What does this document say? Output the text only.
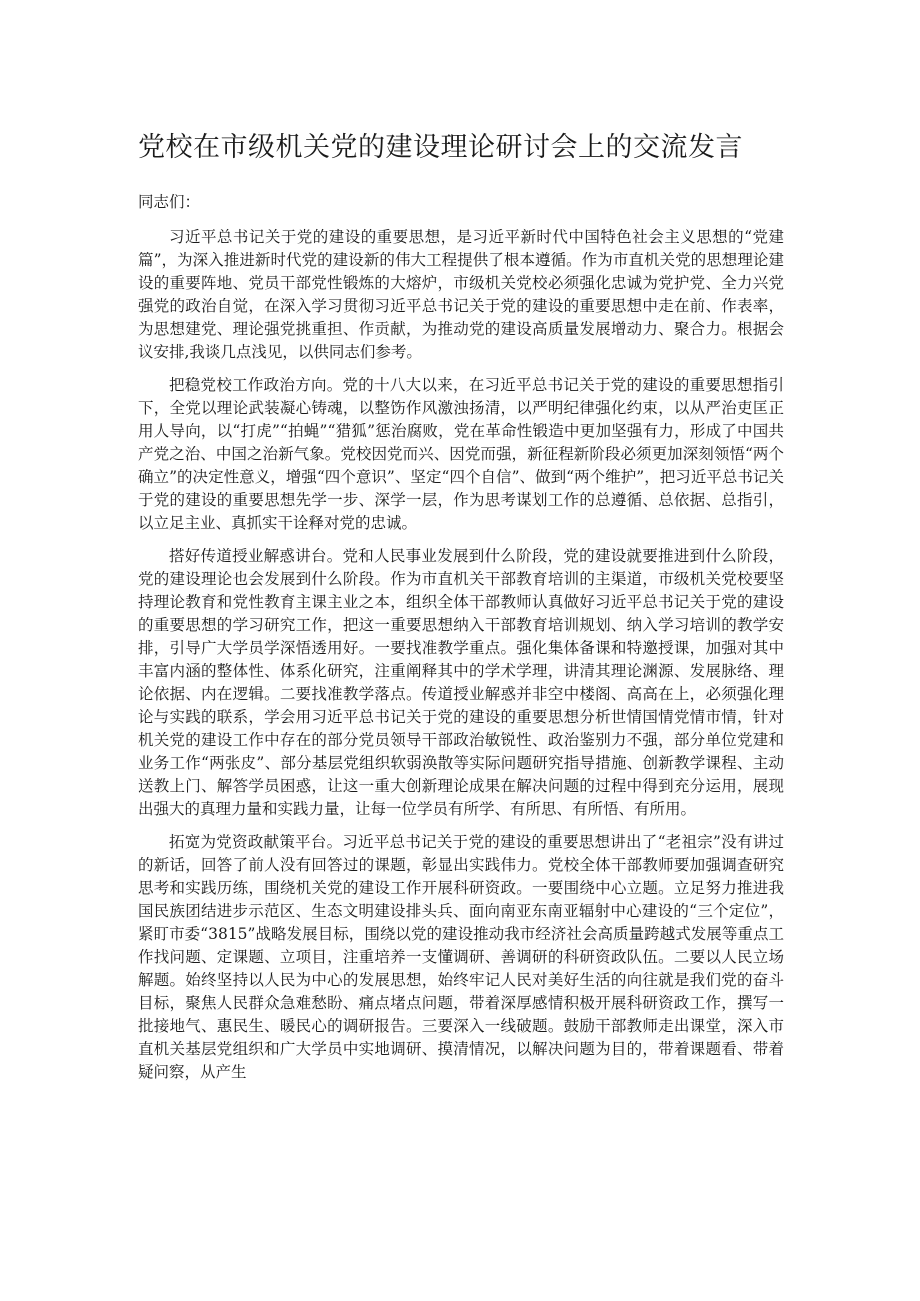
党校在市级机关党的建设理论研讨会上的交流发言

同志们：

习近平总书记关于党的建设的重要思想，是习近平新时代中国特色社会主义思想的“党建篇”，为深入推进新时代党的建设新的伟大工程提供了根本遵循。作为市直机关党的思想理论建设的重要阵地、党员干部党性锻炼的大熔炉，市级机关党校必须强化忠诚为党护党、全力兴党强党的政治自觉，在深入学习贯彻习近平总书记关于党的建设的重要思想中走在前、作表率，为思想建党、理论强党挑重担、作贡献，为推动党的建设高质量发展增动力、聚合力。根据会议安排,我谈几点浅见，以供同志们参考。

把稳党校工作政治方向。党的十八大以来，在习近平总书记关于党的建设的重要思想指引下，全党以理论武装凝心铸魂，以整饬作风激浊扬清，以严明纪律强化约束，以从严治吏匡正用人导向，以“打虎”“拍蝇”“猎狐”惩治腐败，党在革命性锻造中更加坚强有力，形成了中国共产党之治、中国之治新气象。党校因党而兴、因党而强，新征程新阶段必须更加深刻领悟“两个确立”的决定性意义，增强“四个意识”、坚定“四个自信”、做到“两个维护”，把习近平总书记关于党的建设的重要思想先学一步、深学一层，作为思考谋划工作的总遵循、总依据、总指引，以立足主业、真抓实干诠释对党的忠诚。

搭好传道授业解惑讲台。党和人民事业发展到什么阶段，党的建设就要推进到什么阶段，党的建设理论也会发展到什么阶段。作为市直机关干部教育培训的主渠道，市级机关党校要坚持理论教育和党性教育主课主业之本，组织全体干部教师认真做好习近平总书记关于党的建设的重要思想的学习研究工作，把这一重要思想纳入干部教育培训规划、纳入学习培训的教学安排，引导广大学员学深悟透用好。一要找准教学重点。强化集体备课和特邀授课，加强对其中丰富内涵的整体性、体系化研究，注重阐释其中的学术学理，讲清其理论渊源、发展脉络、理论依据、内在逻辑。二要找准教学落点。传道授业解惑并非空中楼阁、高高在上，必须强化理论与实践的联系，学会用习近平总书记关于党的建设的重要思想分析世情国情党情市情，针对机关党的建设工作中存在的部分党员领导干部政治敏锐性、政治鉴别力不强，部分单位党建和业务工作“两张皮”、部分基层党组织软弱涣散等实际问题研究指导措施、创新教学课程、主动送教上门、解答学员困惑，让这一重大创新理论成果在解决问题的过程中得到充分运用，展现出强大的真理力量和实践力量，让每一位学员有所学、有所思、有所悟、有所用。

拓宽为党资政献策平台。习近平总书记关于党的建设的重要思想讲出了“老祖宗”没有讲过的新话，回答了前人没有回答过的课题，彰显出实践伟力。党校全体干部教师要加强调查研究思考和实践历练，围绕机关党的建设工作开展科研资政。一要围绕中心立题。立足努力推进我国民族团结进步示范区、生态文明建设排头兵、面向南亚东南亚辐射中心建设的“三个定位”，紧盯市委“3815”战略发展目标，围绕以党的建设推动我市经济社会高质量跨越式发展等重点工作找问题、定课题、立项目，注重培养一支懂调研、善调研的科研资政队伍。二要以人民立场解题。始终坚持以人民为中心的发展思想，始终牢记人民对美好生活的向往就是我们党的奋斗目标，聚焦人民群众急难愁盼、痛点堵点问题，带着深厚感情积极开展科研资政工作，撰写一批接地气、惠民生、暖民心的调研报告。三要深入一线破题。鼓励干部教师走出课堂，深入市直机关基层党组织和广大学员中实地调研、摸清情况，以解决问题为目的，带着课题看、带着疑问察，从产生
